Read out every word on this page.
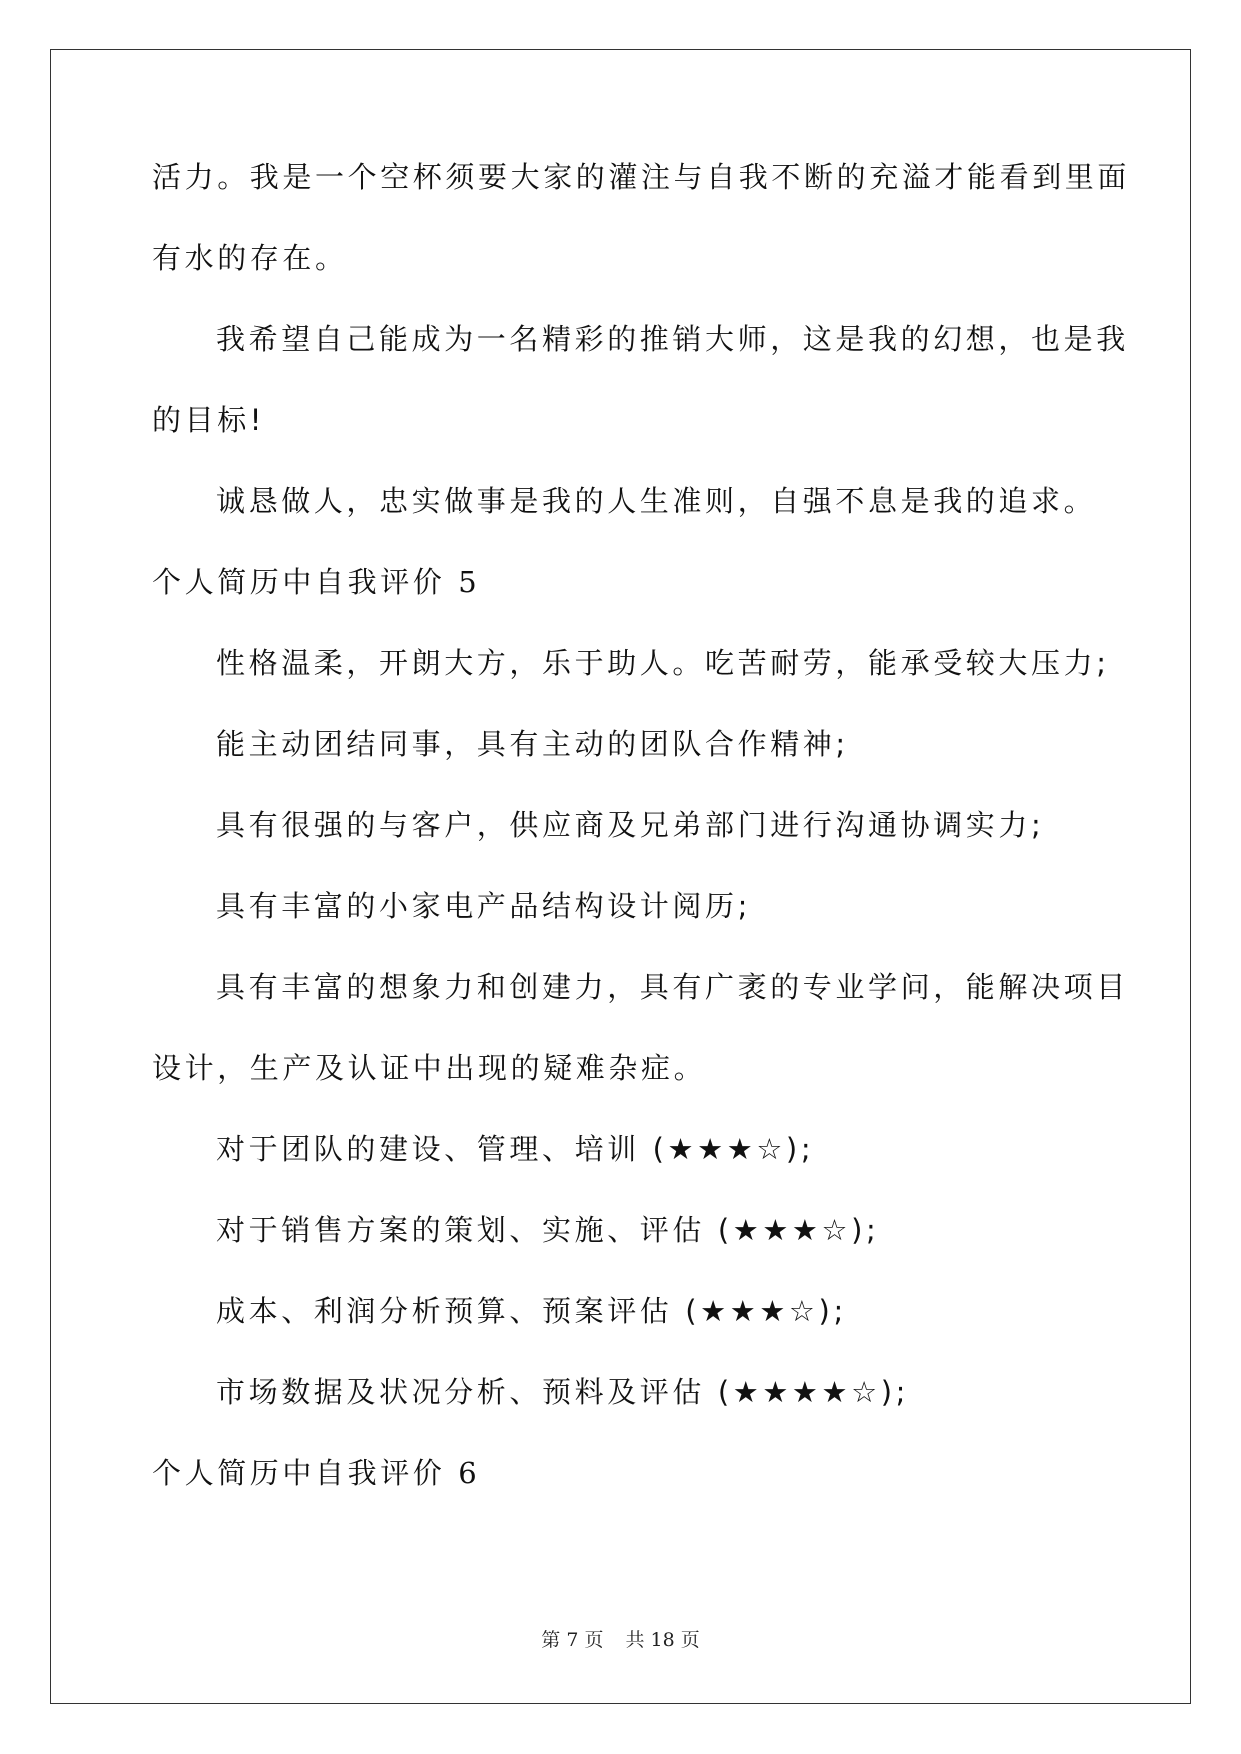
活力。我是一个空杯须要大家的灌注与自我不断的充溢才能看到里面

有水的存在。

我希望自己能成为一名精彩的推销大师，这是我的幻想，也是我

的目标!

诚恳做人，忠实做事是我的人生准则，自强不息是我的追求。

个人简历中自我评价 5

性格温柔，开朗大方，乐于助人。吃苦耐劳，能承受较大压力;

能主动团结同事，具有主动的团队合作精神;

具有很强的与客户，供应商及兄弟部门进行沟通协调实力;

具有丰富的小家电产品结构设计阅历;

具有丰富的想象力和创建力，具有广袤的专业学问，能解决项目

设计，生产及认证中出现的疑难杂症。

对于团队的建设、管理、培训 (★★★☆);

对于销售方案的策划、实施、评估 (★★★☆);

成本、利润分析预算、预案评估 (★★★☆);

市场数据及状况分析、预料及评估 (★★★★☆);

个人简历中自我评价 6

第 7 页 共 18 页
